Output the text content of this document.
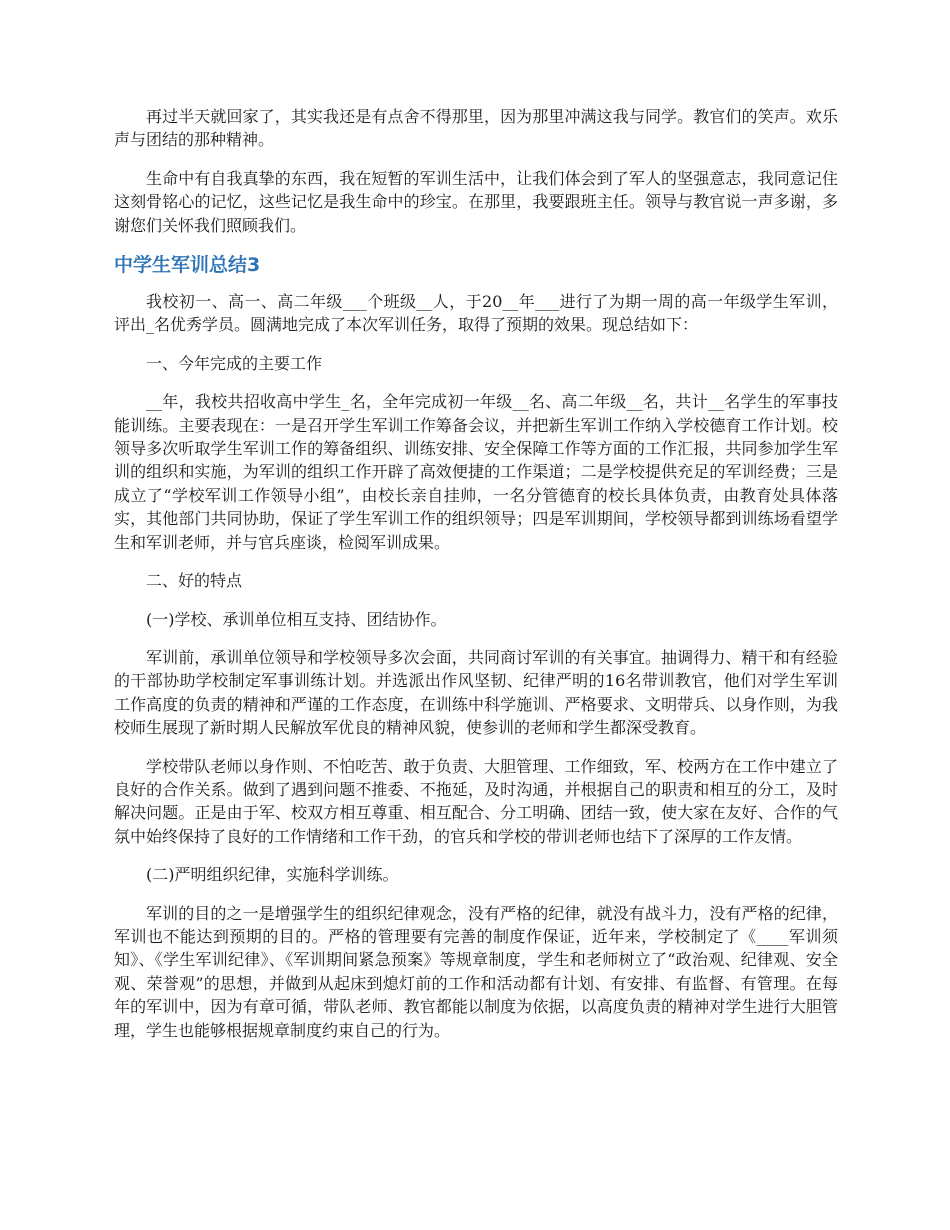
再过半天就回家了，其实我还是有点舍不得那里，因为那里冲满这我与同学。教官们的笑声。欢乐声与团结的那种精神。

生命中有自我真挚的东西，我在短暂的军训生活中，让我们体会到了军人的坚强意志，我同意记住这刻骨铭心的记忆，这些记忆是我生命中的珍宝。在那里，我要跟班主任。领导与教官说一声多谢，多谢您们关怀我们照顾我们。

中学生军训总结3

我校初一、高一、高二年级___个班级__人，于20__年___进行了为期一周的高一年级学生军训，评出_名优秀学员。圆满地完成了本次军训任务，取得了预期的效果。现总结如下：

一、今年完成的主要工作

__年，我校共招收高中学生_名，全年完成初一年级__名、高二年级__名，共计__名学生的军事技能训练。主要表现在：一是召开学生军训工作筹备会议，并把新生军训工作纳入学校德育工作计划。校领导多次听取学生军训工作的筹备组织、训练安排、安全保障工作等方面的工作汇报，共同参加学生军训的组织和实施，为军训的组织工作开辟了高效便捷的工作渠道；二是学校提供充足的军训经费；三是成立了“学校军训工作领导小组”，由校长亲自挂帅，一名分管德育的校长具体负责，由教育处具体落实，其他部门共同协助，保证了学生军训工作的组织领导；四是军训期间，学校领导都到训练场看望学生和军训老师，并与官兵座谈，检阅军训成果。

二、好的特点

(一)学校、承训单位相互支持、团结协作。

军训前，承训单位领导和学校领导多次会面，共同商讨军训的有关事宜。抽调得力、精干和有经验的干部协助学校制定军事训练计划。并选派出作风坚韧、纪律严明的16名带训教官，他们对学生军训工作高度的负责的精神和严谨的工作态度，在训练中科学施训、严格要求、文明带兵、以身作则，为我校师生展现了新时期人民解放军优良的精神风貌，使参训的老师和学生都深受教育。

学校带队老师以身作则、不怕吃苦、敢于负责、大胆管理、工作细致，军、校两方在工作中建立了良好的合作关系。做到了遇到问题不推委、不拖延，及时沟通，并根据自己的职责和相互的分工，及时解决问题。正是由于军、校双方相互尊重、相互配合、分工明确、团结一致，使大家在友好、合作的气氛中始终保持了良好的工作情绪和工作干劲，的官兵和学校的带训老师也结下了深厚的工作友情。

(二)严明组织纪律，实施科学训练。

军训的目的之一是增强学生的组织纪律观念，没有严格的纪律，就没有战斗力，没有严格的纪律，军训也不能达到预期的目的。严格的管理要有完善的制度作保证，近年来，学校制定了《____军训须知》、《学生军训纪律》、《军训期间紧急预案》等规章制度，学生和老师树立了“政治观、纪律观、安全观、荣誉观”的思想，并做到从起床到熄灯前的工作和活动都有计划、有安排、有监督、有管理。在每年的军训中，因为有章可循，带队老师、教官都能以制度为依据，以高度负责的精神对学生进行大胆管理，学生也能够根据规章制度约束自己的行为。
